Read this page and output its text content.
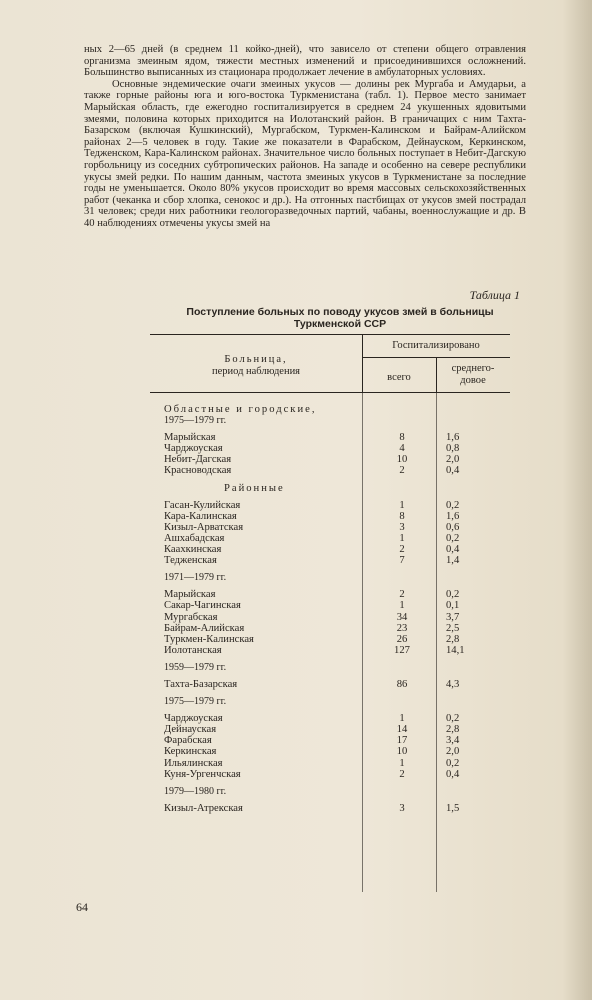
ных 2—65 дней (в среднем 11 койко-дней), что зависело от степени общего отравления организма змеиным ядом, тяжести местных изменений и присоединившихся осложнений. Большинство выписанных из стационара продолжает лечение в амбулаторных условиях.

Основные эндемические очаги змеиных укусов — долины рек Мургаба и Амударьи, а также горные районы юга и юго-востока Туркменистана (табл. 1). Первое место занимает Марыйская область, где ежегодно госпитализируется в среднем 24 укушенных ядовитыми змеями, половина которых приходится на Иолотанский район. В граничащих с ним Тахта-Базарском (включая Кушкинский), Мургабском, Туркмен-Калинском и Байрам-Алийском районах 2—5 человек в году. Такие же показатели в Фарабском, Дейнауском, Керкинском, Тедженском, Кара-Калинском районах. Значительное число больных поступает в Небит-Дагскую горбольницу из соседних субтропических районов. На западе и особенно на севере республики укусы змей редки. По нашим данным, частота змеиных укусов в Туркменистане за последние годы не уменьшается. Около 80% укусов происходит во время массовых сельскохозяйственных работ (чеканка и сбор хлопка, сенокос и др.). На отгонных пастбищах от укусов змей пострадал 31 человек; среди них работники геологоразведочных партий, чабаны, военнослужащие и др. В 40 наблюдениях отмечены укусы змей на

Таблица 1
Поступление больных по поводу укусов змей в больницы
Туркменской ССР
Больница,
период наблюдения
Госпитализировано
всего
среднего-
довое
Областные и городские,
1975—1979 гг.
Марыйская	8	1,6
Чарджоуская	4	0,8
Небит-Дагская	10	2,0
Красноводская	2	0,4
Районные
Гасан-Кулийская	1	0,2
Кара-Калинская	8	1,6
Кизыл-Арватская	3	0,6
Ашхабадская	1	0,2
Каахкинская	2	0,4
Тедженская	7	1,4
1971—1979 гг.
Марыйская	2	0,2
Сакар-Чагинская	1	0,1
Мургабская	34	3,7
Байрам-Алийская	23	2,5
Туркмен-Калинская	26	2,8
Иолотанская	127	14,1
1959—1979 гг.
Тахта-Базарская	86	4,3
1975—1979 гг.
Чарджоуская	1	0,2
Дейнауская	14	2,8
Фарабская	17	3,4
Керкинская	10	2,0
Ильялинская	1	0,2
Куня-Ургенчская	2	0,4
1979—1980 гг.
Кизыл-Атрекская	3	1,5
64
